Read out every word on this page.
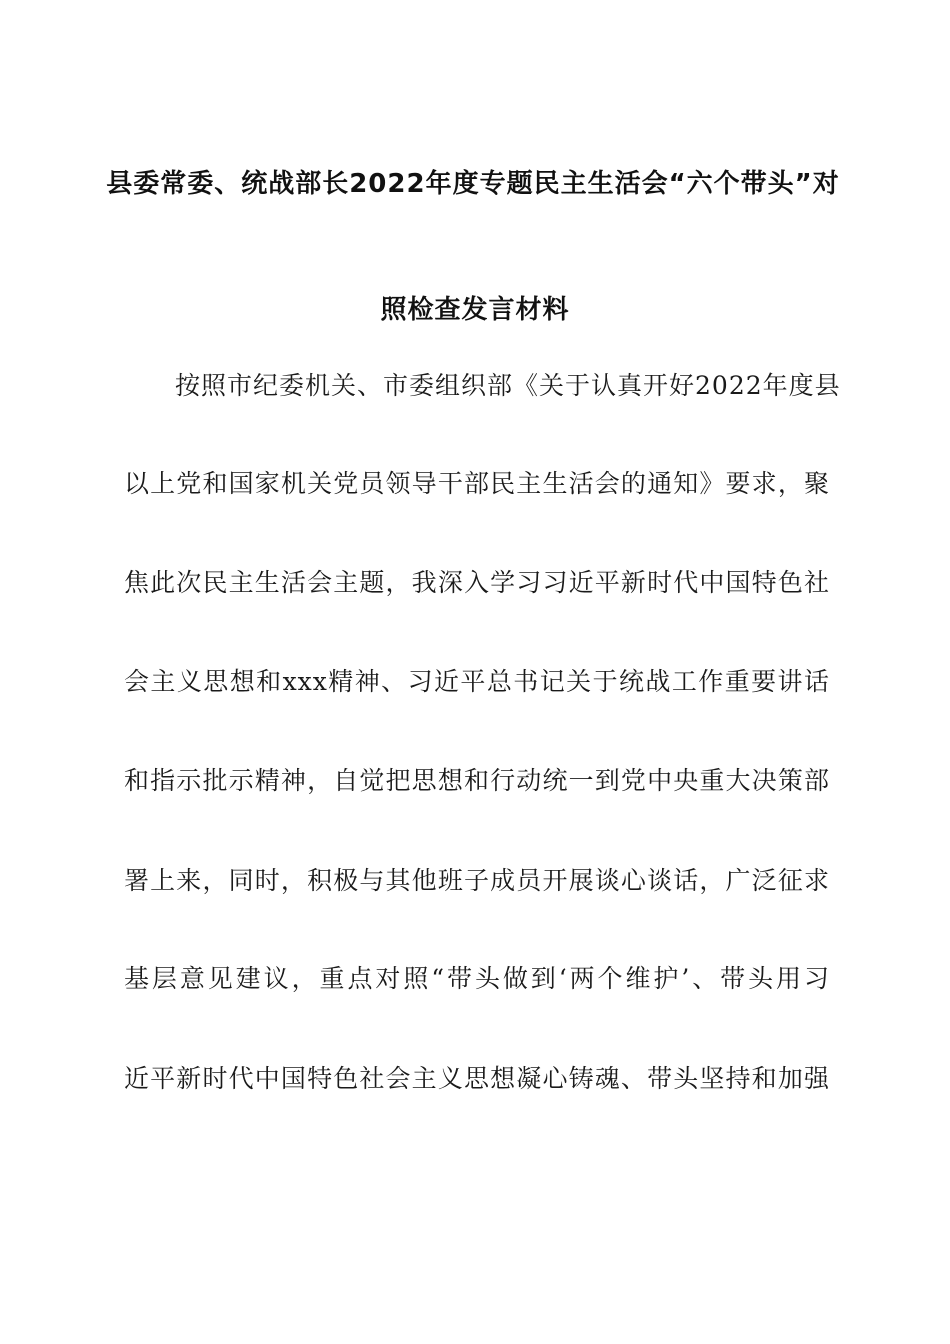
县委常委、统战部长2022年度专题民主生活会“六个带头”对
照检查发言材料
按照市纪委机关、市委组织部《关于认真开好2022年度县
以上党和国家机关党员领导干部民主生活会的通知》要求，聚
焦此次民主生活会主题，我深入学习习近平新时代中国特色社
会主义思想和xxx精神、习近平总书记关于统战工作重要讲话
和指示批示精神，自觉把思想和行动统一到党中央重大决策部
署上来，同时，积极与其他班子成员开展谈心谈话，广泛征求
基层意见建议，重点对照“带头做到‘两个维护’、带头用习
近平新时代中国特色社会主义思想凝心铸魂、带头坚持和加强
